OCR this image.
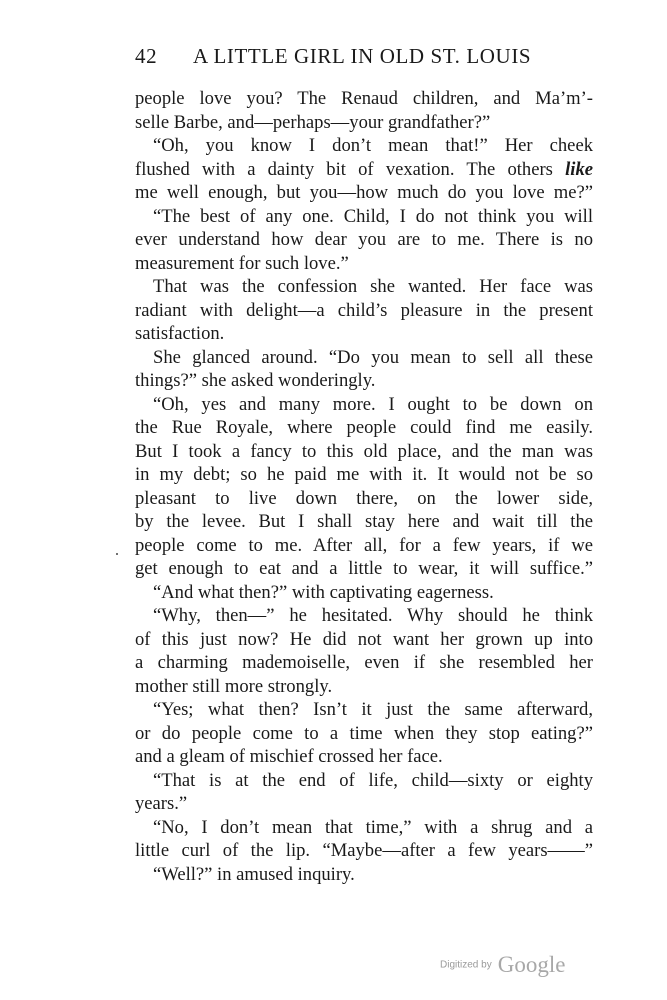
42 A LITTLE GIRL IN OLD ST. LOUIS
people love you? The Renaud children, and Ma’m’-
selle Barbe, and—perhaps—your grandfather?”
“Oh, you know I don’t mean that!” Her cheek
flushed with a dainty bit of vexation. The others like
me well enough, but you—how much do you love me?”
“The best of any one. Child, I do not think you will
ever understand how dear you are to me. There is no
measurement for such love.”
That was the confession she wanted. Her face was
radiant with delight—a child’s pleasure in the present
satisfaction.
She glanced around. “Do you mean to sell all these
things?” she asked wonderingly.
“Oh, yes and many more. I ought to be down on
the Rue Royale, where people could find me easily.
But I took a fancy to this old place, and the man was
in my debt; so he paid me with it. It would not be so
pleasant to live down there, on the lower side,
by the levee. But I shall stay here and wait till the
people come to me. After all, for a few years, if we
get enough to eat and a little to wear, it will suffice.”
“And what then?” with captivating eagerness.
“Why, then—” he hesitated. Why should he think
of this just now? He did not want her grown up into
a charming mademoiselle, even if she resembled her
mother still more strongly.
“Yes; what then? Isn’t it just the same afterward,
or do people come to a time when they stop eating?”
and a gleam of mischief crossed her face.
“That is at the end of life, child—sixty or eighty
years.”
“No, I don’t mean that time,” with a shrug and a
little curl of the lip. “Maybe—after a few years——”
“Well?” in amused inquiry.
Digitized by Google
